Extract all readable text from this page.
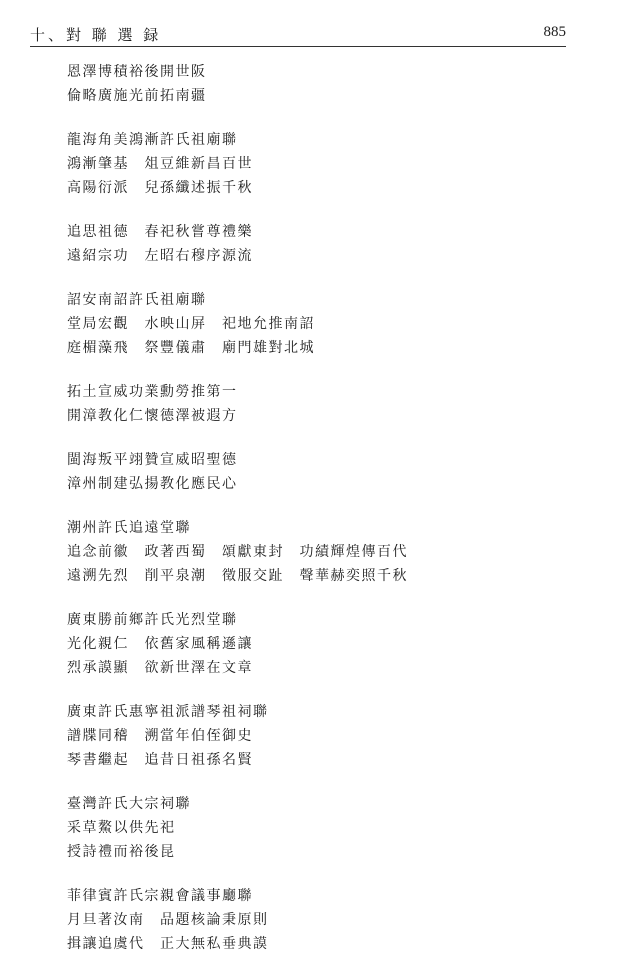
十、對 聯 選 録	885
恩澤博積裕後開世阪
倫略廣施光前拓南疆
龍海角美鴻漸許氏祖廟聯
鴻漸肇基　俎豆維新昌百世
高陽衍派　兒孫纖述振千秋
追思祖德　春祀秋嘗尊禮樂
遠紹宗功　左昭右穆序源流
詔安南詔許氏祖廟聯
堂局宏觀　水映山屏　祀地允推南詔
庭楣藻飛　祭豐儀肅　廟門雄對北城
拓土宣威功業勳勞推第一
開漳教化仁懷德澤被遐方
閩海叛平翊贊宣威昭聖德
漳州制建弘揚教化應民心
潮州許氏追遠堂聯
追念前徽　政著西蜀　頌獻東封　功績輝煌傳百代
遠溯先烈　削平泉潮　徵服交趾　聲華赫奕照千秋
廣東勝前鄉許氏光烈堂聯
光化親仁　依舊家風稱遜讓
烈承謨顯　欲新世澤在文章
廣東許氏惠寧祖派譜琴祖祠聯
譜牒同稽　溯當年伯侄御史
琴書繼起　追昔日祖孫名賢
臺灣許氏大宗祠聯
采草鰲以供先祀
授詩禮而裕後昆
菲律賓許氏宗親會議事廳聯
月旦著汝南　品題核論秉原則
揖讓追虞代　正大無私垂典謨
